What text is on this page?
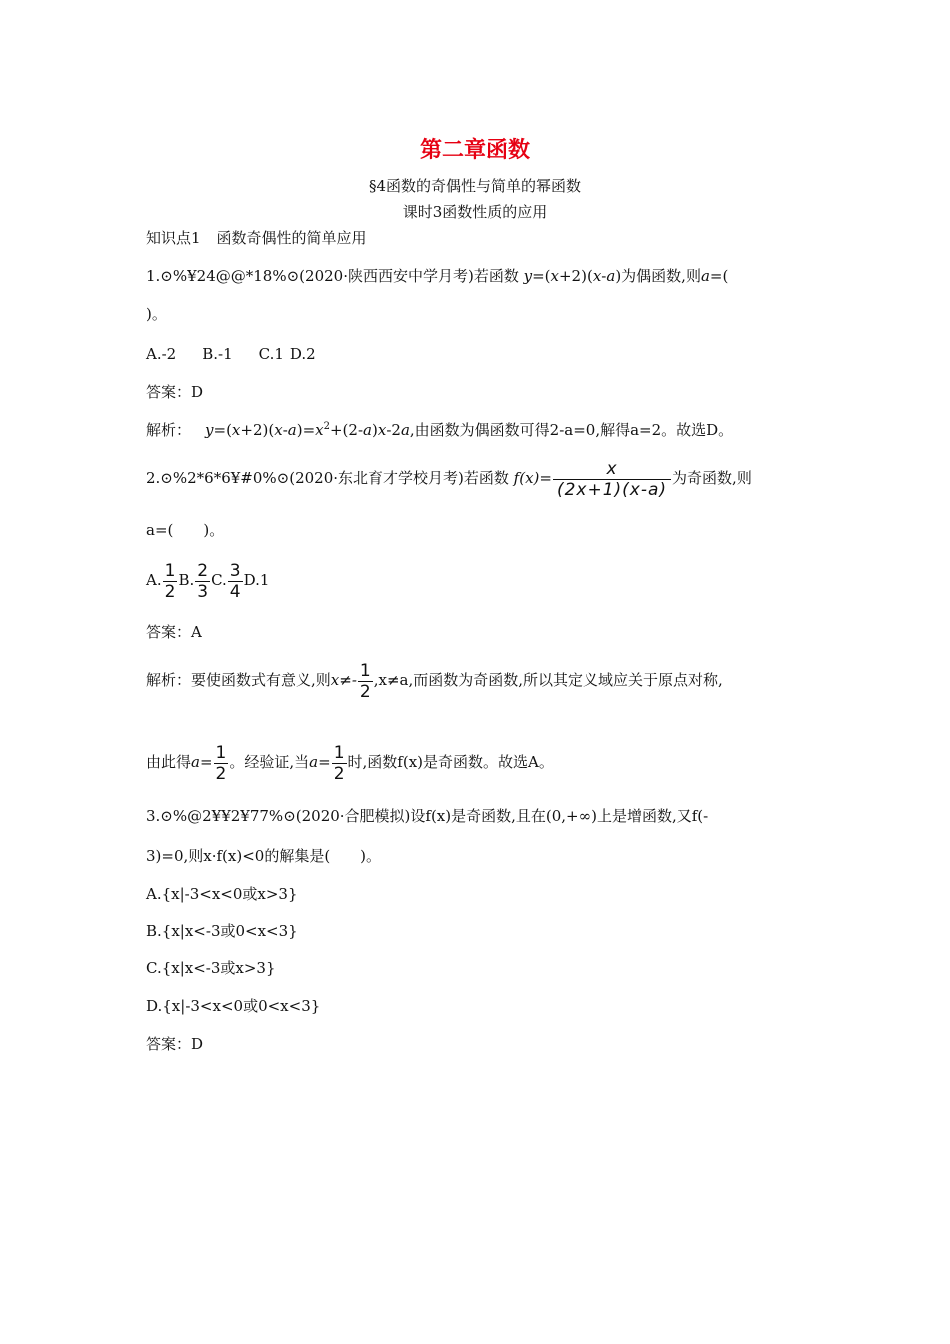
第二章函数
§4函数的奇偶性与简单的幂函数
课时3函数性质的应用
知识点1 函数奇偶性的简单应用
1.⊙%¥24@@*18%⊙(2020·陕西西安中学月考)若函数 y=(x+2)(x-a)为偶函数,则a=(
)。
A.-2 B.-1 C.1 D.2
答案：D
解析： $y=(x+2)(x-a)=x^2+(2-a)x-2a$,由函数为偶函数可得2-a=0,解得a=2。故选D。
2.⊙%2*6*6¥#0%⊙(2020·东北育才学校月考)若函数 $f(x)= \frac{x}{(2x+1)(x-a)}$ 为奇函数,则
a=(　　)。
A. $\frac{1}{2} B$. $\frac{2}{3} C$. $\frac{3}{4} D.1$
答案：A
解析：要使函数式有意义,则$x\ne- \frac{1}{2} ,x\ne a$,而函数为奇函数,所以其定义域应关于原点对称,
由此得$a= \frac{1}{2}$ 。经验证,当$a= \frac{1}{2}$ 时,函数f(x)是奇函数。故选A。
3.⊙%@2¥¥2¥77%⊙(2020·合肥模拟)设f(x)是奇函数,且在(0,+∞)上是增函数,又f(-
3)=0,则x·f(x)<0的解集是(　　)。
A.{x|-3<x<0或x>3}
B.{x|x<-3或0<x<3}
C.{x|x<-3或x>3}
D.{x|-3<x<0或0<x<3}
答案：D
